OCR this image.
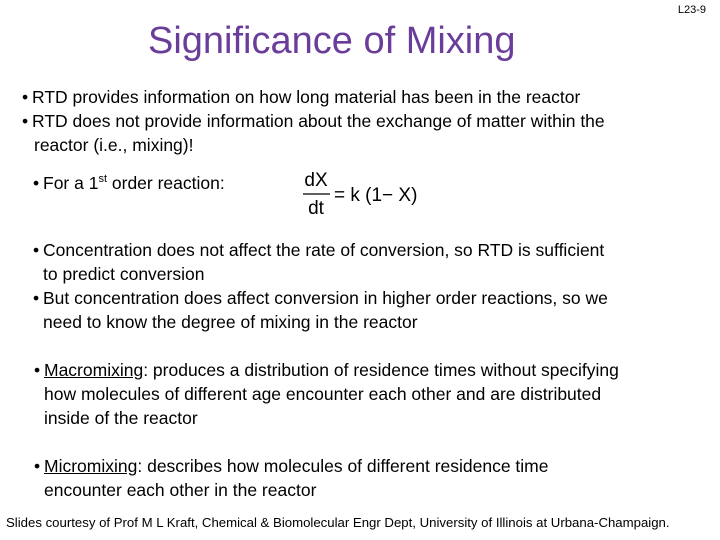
L23-9
Significance of Mixing
• RTD provides information on how long material has been in the reactor
• RTD does not provide information about the exchange of matter within the
reactor (i.e., mixing)!
• For a 1st order reaction:	dX
dt
= k (1− X)
• Concentration does not affect the rate of conversion, so RTD is sufficient
to predict conversion
• But concentration does affect conversion in higher order reactions, so we
need to know the degree of mixing in the reactor
• Macromixing: produces a distribution of residence times without specifying
how molecules of different age encounter each other and are distributed
inside of the reactor
• Micromixing: describes how molecules of different residence time
encounter each other in the reactor
Slides courtesy of Prof M L Kraft, Chemical & Biomolecular Engr Dept, University of Illinois at Urbana-Champaign.
